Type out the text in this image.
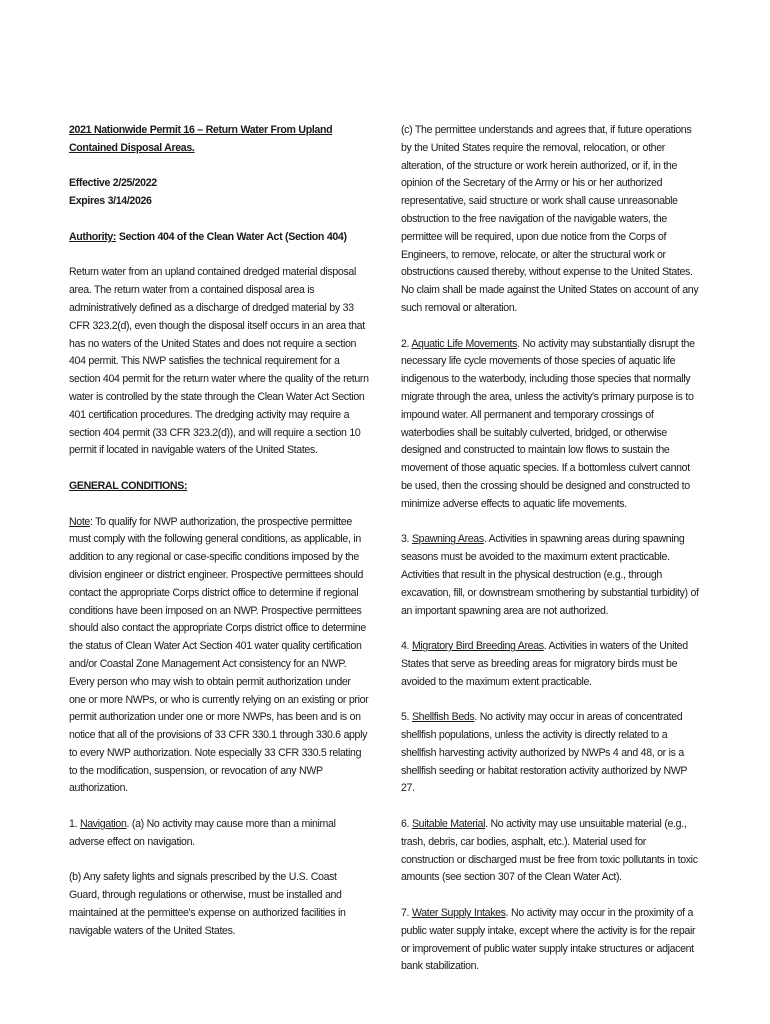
2021 Nationwide Permit 16 – Return Water From Upland
Contained Disposal Areas.

Effective 2/25/2022
Expires 3/14/2026

Authority: Section 404 of the Clean Water Act (Section 404)

Return water from an upland contained dredged material disposal area. The return water from a contained disposal area is administratively defined as a discharge of dredged material by 33 CFR 323.2(d), even though the disposal itself occurs in an area that has no waters of the United States and does not require a section 404 permit. This NWP satisfies the technical requirement for a section 404 permit for the return water where the quality of the return water is controlled by the state through the Clean Water Act Section 401 certification procedures. The dredging activity may require a section 404 permit (33 CFR 323.2(d)), and will require a section 10 permit if located in navigable waters of the United States.

GENERAL CONDITIONS:

Note: To qualify for NWP authorization, the prospective permittee must comply with the following general conditions, as applicable, in addition to any regional or case-specific conditions imposed by the division engineer or district engineer. Prospective permittees should contact the appropriate Corps district office to determine if regional conditions have been imposed on an NWP. Prospective permittees should also contact the appropriate Corps district office to determine the status of Clean Water Act Section 401 water quality certification and/or Coastal Zone Management Act consistency for an NWP. Every person who may wish to obtain permit authorization under one or more NWPs, or who is currently relying on an existing or prior permit authorization under one or more NWPs, has been and is on notice that all of the provisions of 33 CFR 330.1 through 330.6 apply to every NWP authorization. Note especially 33 CFR 330.5 relating to the modification, suspension, or revocation of any NWP authorization.

1. Navigation. (a) No activity may cause more than a minimal adverse effect on navigation.

(b) Any safety lights and signals prescribed by the U.S. Coast Guard, through regulations or otherwise, must be installed and maintained at the permittee's expense on authorized facilities in navigable waters of the United States.

(c) The permittee understands and agrees that, if future operations by the United States require the removal, relocation, or other alteration, of the structure or work herein authorized, or if, in the opinion of the Secretary of the Army or his or her authorized representative, said structure or work shall cause unreasonable obstruction to the free navigation of the navigable waters, the permittee will be required, upon due notice from the Corps of Engineers, to remove, relocate, or alter the structural work or obstructions caused thereby, without expense to the United States. No claim shall be made against the United States on account of any such removal or alteration.

2. Aquatic Life Movements. No activity may substantially disrupt the necessary life cycle movements of those species of aquatic life indigenous to the waterbody, including those species that normally migrate through the area, unless the activity's primary purpose is to impound water. All permanent and temporary crossings of waterbodies shall be suitably culverted, bridged, or otherwise designed and constructed to maintain low flows to sustain the movement of those aquatic species. If a bottomless culvert cannot be used, then the crossing should be designed and constructed to minimize adverse effects to aquatic life movements.

3. Spawning Areas. Activities in spawning areas during spawning seasons must be avoided to the maximum extent practicable. Activities that result in the physical destruction (e.g., through excavation, fill, or downstream smothering by substantial turbidity) of an important spawning area are not authorized.

4. Migratory Bird Breeding Areas. Activities in waters of the United States that serve as breeding areas for migratory birds must be avoided to the maximum extent practicable.

5. Shellfish Beds. No activity may occur in areas of concentrated shellfish populations, unless the activity is directly related to a shellfish harvesting activity authorized by NWPs 4 and 48, or is a shellfish seeding or habitat restoration activity authorized by NWP 27.

6. Suitable Material. No activity may use unsuitable material (e.g., trash, debris, car bodies, asphalt, etc.). Material used for construction or discharged must be free from toxic pollutants in toxic amounts (see section 307 of the Clean Water Act).

7. Water Supply Intakes. No activity may occur in the proximity of a public water supply intake, except where the activity is for the repair or improvement of public water supply intake structures or adjacent bank stabilization.
